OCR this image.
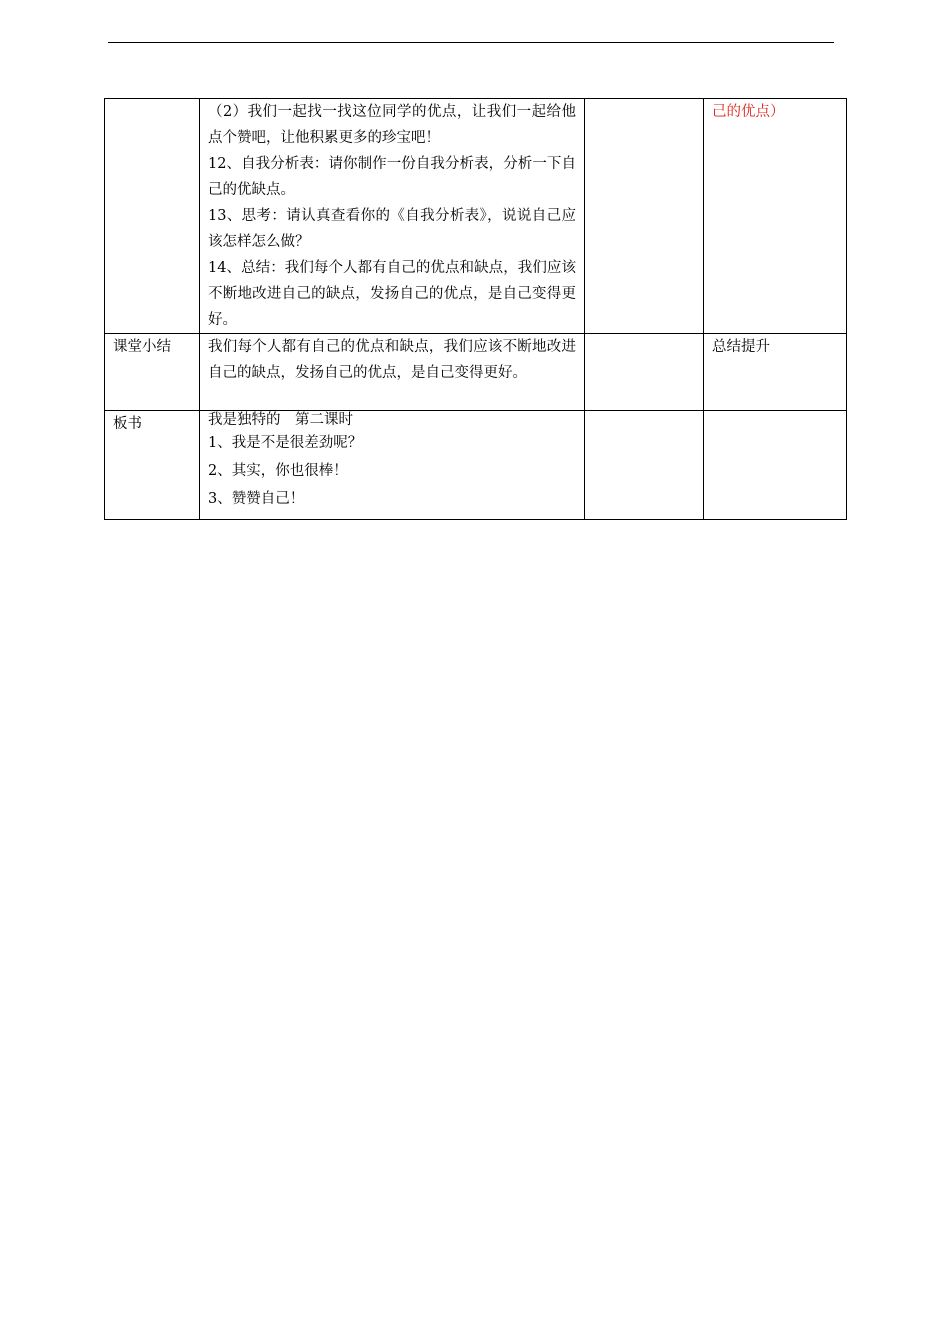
	（2）我们一起找一找这位同学的优点，让我们一起给他点个赞吧，让他积累更多的珍宝吧！

12、自我分析表：请你制作一份自我分析表，分析一下自己的优缺点。

13、思考：请认真查看你的《自我分析表》，说说自己应该怎样怎么做？

14、总结：我们每个人都有自己的优点和缺点，我们应该不断地改进自己的缺点，发扬自己的优点，是自己变得更好。		己的优点）
课堂小结	我们每个人都有自己的优点和缺点，我们应该不断地改进自己的缺点，发扬自己的优点，是自己变得更好。		总结提升
板书	我是独特的　第二课时

1、我是不是很差劲呢？

2、其实，你也很棒！

3、赞赞自己！		
